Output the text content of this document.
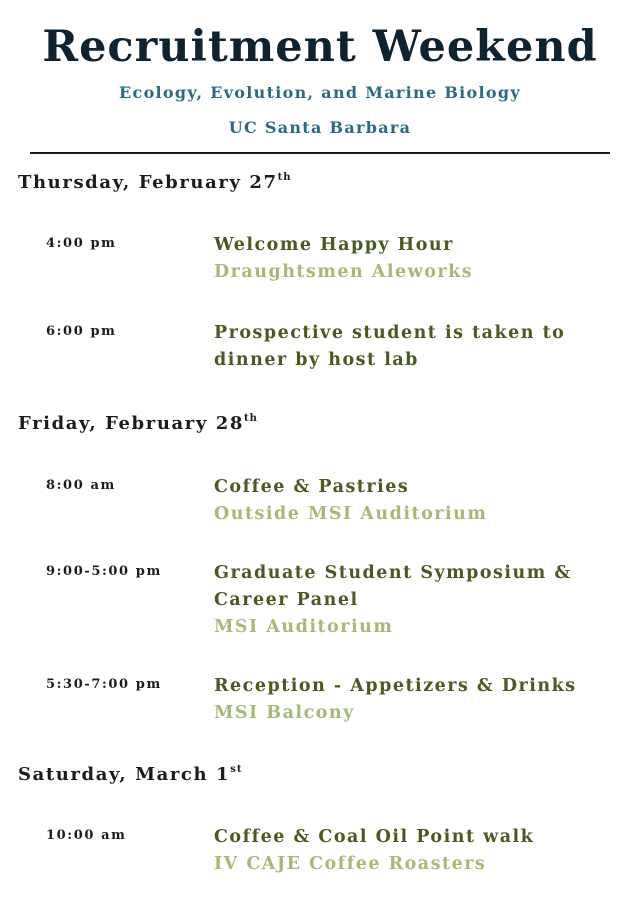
Recruitment Weekend
Ecology, Evolution, and Marine Biology
UC Santa Barbara
Thursday, February 27th
4:00 pm	Welcome Happy Hour
Draughtsmen Aleworks
6:00 pm	Prospective student is taken to dinner by host lab
Friday, February 28th
8:00 am	Coffee & Pastries
Outside MSI Auditorium
9:00-5:00 pm	Graduate Student Symposium & Career Panel
MSI Auditorium
5:30-7:00 pm	Reception - Appetizers & Drinks
MSI Balcony
Saturday, March 1st
10:00 am	Coffee & Coal Oil Point walk
IV CAJE Coffee Roasters
